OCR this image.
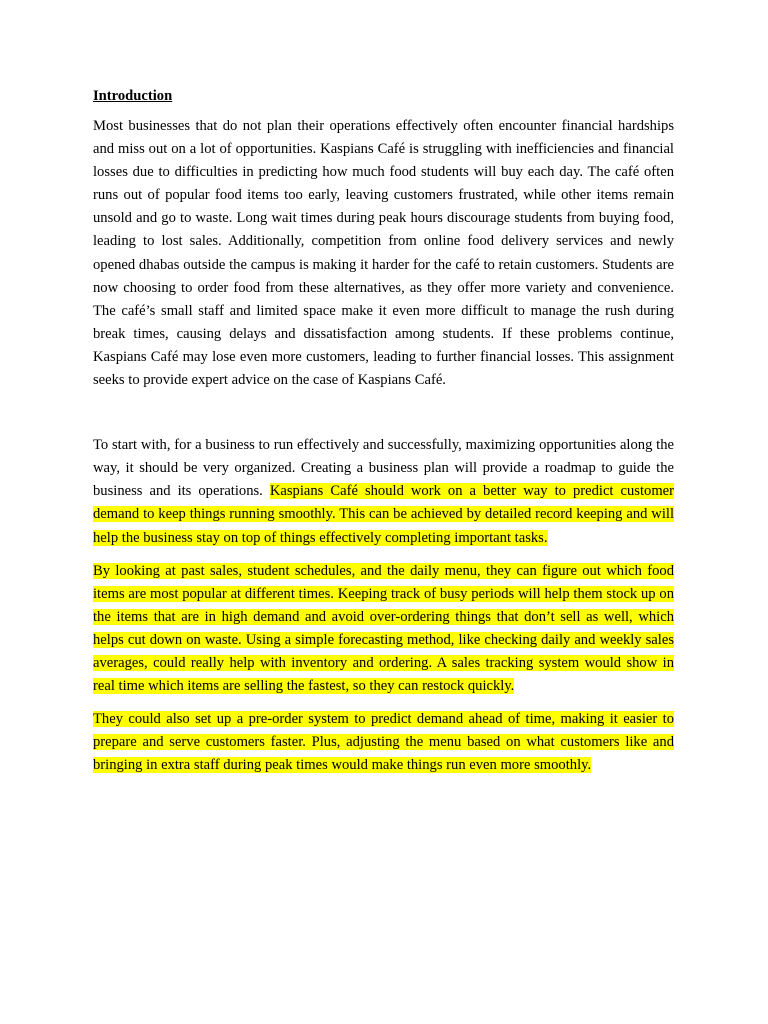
Introduction

Most businesses that do not plan their operations effectively often encounter financial hardships and miss out on a lot of opportunities. Kaspians Café is struggling with inefficiencies and financial losses due to difficulties in predicting how much food students will buy each day. The café often runs out of popular food items too early, leaving customers frustrated, while other items remain unsold and go to waste. Long wait times during peak hours discourage students from buying food, leading to lost sales. Additionally, competition from online food delivery services and newly opened dhabas outside the campus is making it harder for the café to retain customers. Students are now choosing to order food from these alternatives, as they offer more variety and convenience. The café’s small staff and limited space make it even more difficult to manage the rush during break times, causing delays and dissatisfaction among students. If these problems continue, Kaspians Café may lose even more customers, leading to further financial losses. This assignment seeks to provide expert advice on the case of Kaspians Café.

To start with, for a business to run effectively and successfully, maximizing opportunities along the way, it should be very organized. Creating a business plan will provide a roadmap to guide the business and its operations. Kaspians Café should work on a better way to predict customer demand to keep things running smoothly. This can be achieved by detailed record keeping and will help the business stay on top of things effectively completing important tasks.

By looking at past sales, student schedules, and the daily menu, they can figure out which food items are most popular at different times. Keeping track of busy periods will help them stock up on the items that are in high demand and avoid over-ordering things that don’t sell as well, which helps cut down on waste. Using a simple forecasting method, like checking daily and weekly sales averages, could really help with inventory and ordering. A sales tracking system would show in real time which items are selling the fastest, so they can restock quickly.

They could also set up a pre-order system to predict demand ahead of time, making it easier to prepare and serve customers faster. Plus, adjusting the menu based on what customers like and bringing in extra staff during peak times would make things run even more smoothly.
